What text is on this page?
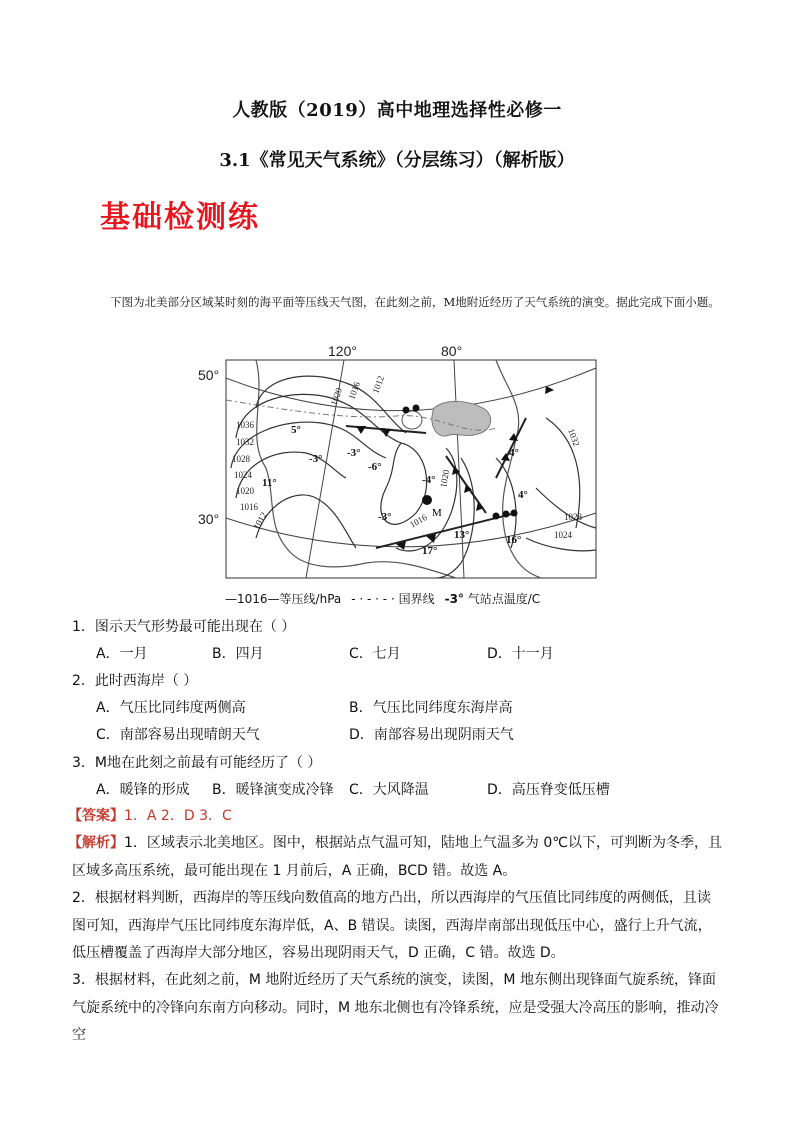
人教版（2019）高中地理选择性必修一
3.1《常见天气系统》（分层练习）（解析版）
基础检测练
下图为北美部分区域某时刻的海平面等压线天气图，在此刻之前，M地附近经历了天气系统的演变。据此完成下面小题。
120°	80°
50°
30°	M
1012
1016
1020
1036
1032
1028
1024
1020
1016
1012	1016
1020
1032
1028
1024
5°
-3° -3°
-6°
11°	-4°
-3°
4°
4°
13°	16°
17°
—1016—等压线/hPa - · - · - · 国界线 -3° 气站点温度/C
1．图示天气形势最可能出现在（ ）
A．一月	B．四月	C．七月	D．十一月
2．此时西海岸（ ）
A．气压比同纬度两侧高	B．气压比同纬度东海岸高
C．南部容易出现晴朗天气	D．南部容易出现阴雨天气
3．M地在此刻之前最有可能经历了（ ）
A．暖锋的形成 B．暖锋演变成冷锋 C．大风降温	D．高压脊变低压槽
【答案】1．A 2．D 3．C
【解析】1．区域表示北美地区。图中，根据站点气温可知，陆地上气温多为 0℃以下，可判断为冬季，且区域多高压系统，最可能出现在 1 月前后，A 正确，BCD 错。故选 A。
2．根据材料判断，西海岸的等压线向数值高的地方凸出，所以西海岸的气压值比同纬度的两侧低，且读图可知，西海岸气压比同纬度东海岸低，A、B 错误。读图，西海岸南部出现低压中心，盛行上升气流，低压槽覆盖了西海岸大部分地区，容易出现阴雨天气，D 正确，C 错。故选 D。
3．根据材料，在此刻之前，M 地附近经历了天气系统的演变，读图，M 地东侧出现锋面气旋系统，锋面气旋系统中的冷锋向东南方向移动。同时，M 地东北侧也有冷锋系统，应是受强大冷高压的影响，推动冷空
